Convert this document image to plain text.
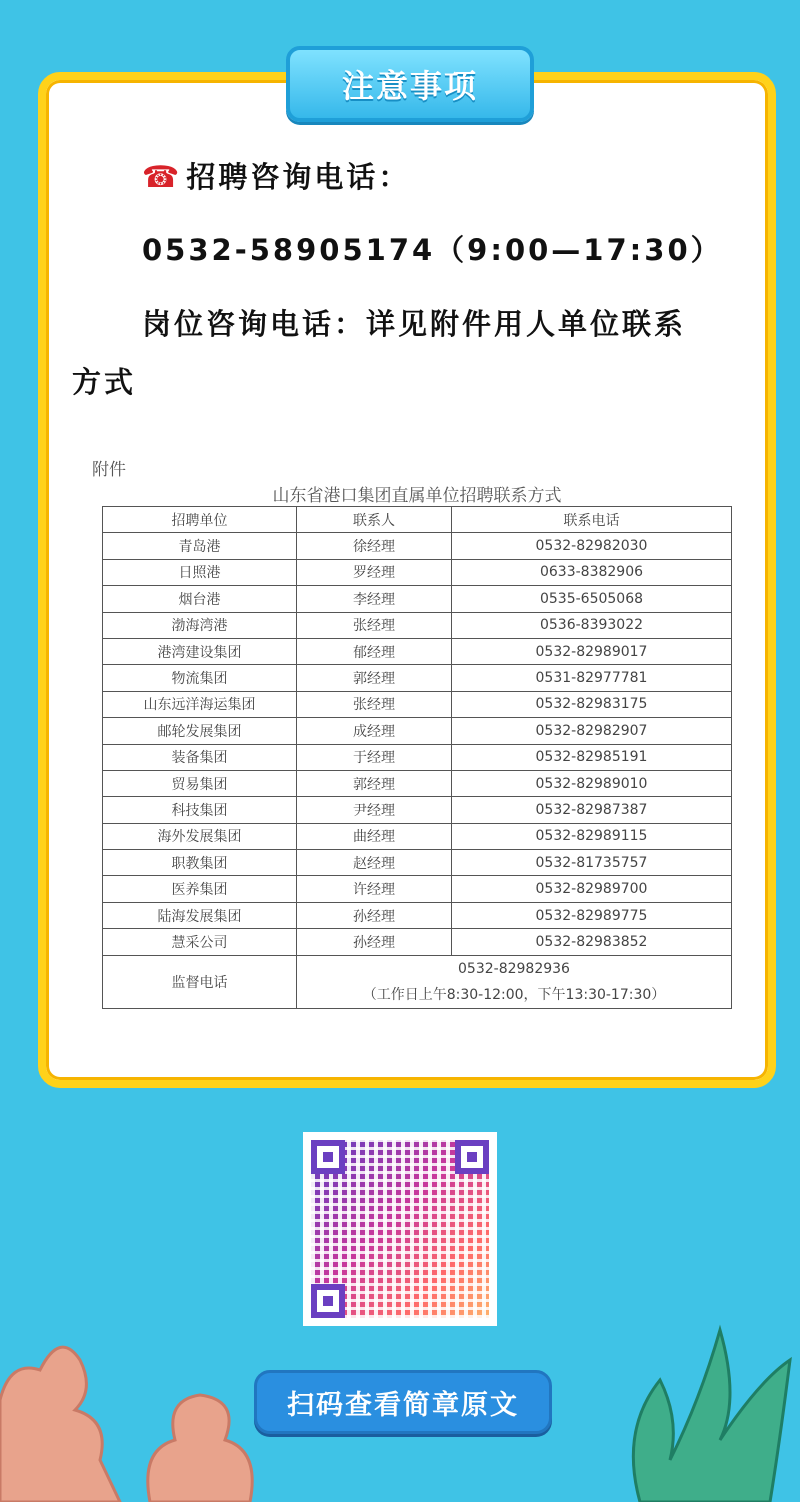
注意事项
☎ 招聘咨询电话：
0532-58905174（9:00—17:30）
岗位咨询电话：详见附件用人单位联系
方式
附件
山东省港口集团直属单位招聘联系方式
招聘单位	联系人	联系电话
青岛港	徐经理	0532-82982030
日照港	罗经理	0633-8382906
烟台港	李经理	0535-6505068
渤海湾港	张经理	0536-8393022
港湾建设集团	郁经理	0532-82989017
物流集团	郭经理	0531-82977781
山东远洋海运集团	张经理	0532-82983175
邮轮发展集团	成经理	0532-82982907
装备集团	于经理	0532-82985191
贸易集团	郭经理	0532-82989010
科技集团	尹经理	0532-82987387
海外发展集团	曲经理	0532-82989115
职教集团	赵经理	0532-81735757
医养集团	许经理	0532-82989700
陆海发展集团	孙经理	0532-82989775
慧采公司	孙经理	0532-82983852
监督电话	0532-82982936
（工作日上午8:30-12:00，下午13:30-17:30）	
扫码查看简章原文
